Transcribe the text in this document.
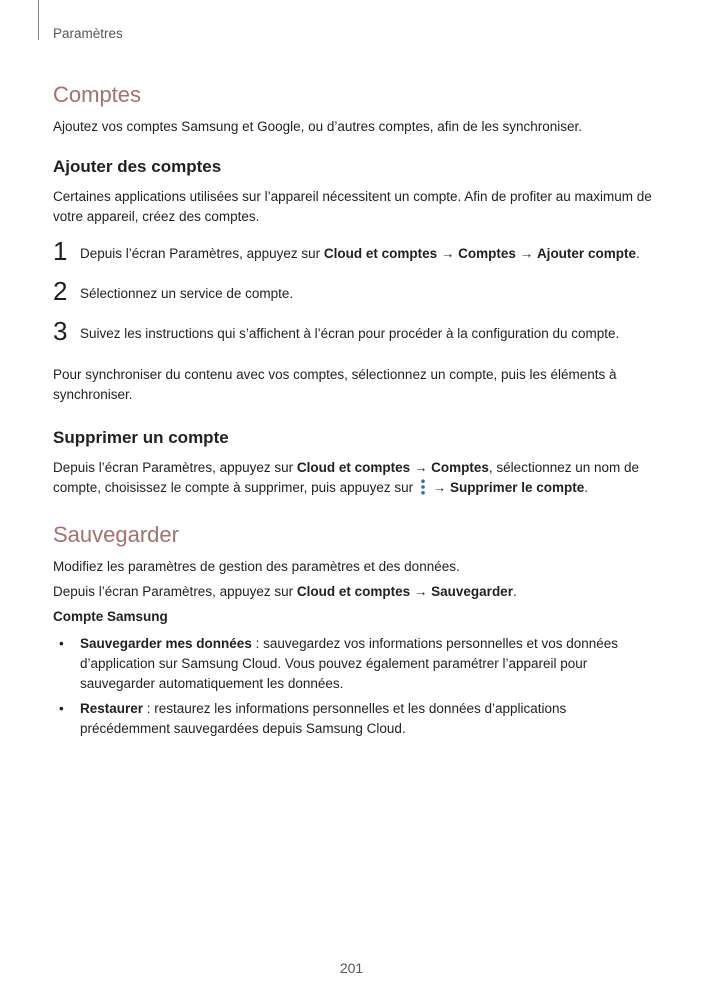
Paramètres
Comptes
Ajoutez vos comptes Samsung et Google, ou d’autres comptes, afin de les synchroniser.
Ajouter des comptes
Certaines applications utilisées sur l’appareil nécessitent un compte. Afin de profiter au maximum de votre appareil, créez des comptes.
1 Depuis l’écran Paramètres, appuyez sur Cloud et comptes → Comptes → Ajouter compte.
2 Sélectionnez un service de compte.
3 Suivez les instructions qui s’affichent à l’écran pour procéder à la configuration du compte.
Pour synchroniser du contenu avec vos comptes, sélectionnez un compte, puis les éléments à synchroniser.
Supprimer un compte
Depuis l’écran Paramètres, appuyez sur Cloud et comptes → Comptes, sélectionnez un nom de compte, choisissez le compte à supprimer, puis appuyez sur  → Supprimer le compte.
Sauvegarder
Modifiez les paramètres de gestion des paramètres et des données.
Depuis l’écran Paramètres, appuyez sur Cloud et comptes → Sauvegarder.
Compte Samsung
• Sauvegarder mes données : sauvegardez vos informations personnelles et vos données d’application sur Samsung Cloud. Vous pouvez également paramétrer l’appareil pour sauvegarder automatiquement les données.
• Restaurer : restaurez les informations personnelles et les données d’applications précédemment sauvegardées depuis Samsung Cloud.
201
